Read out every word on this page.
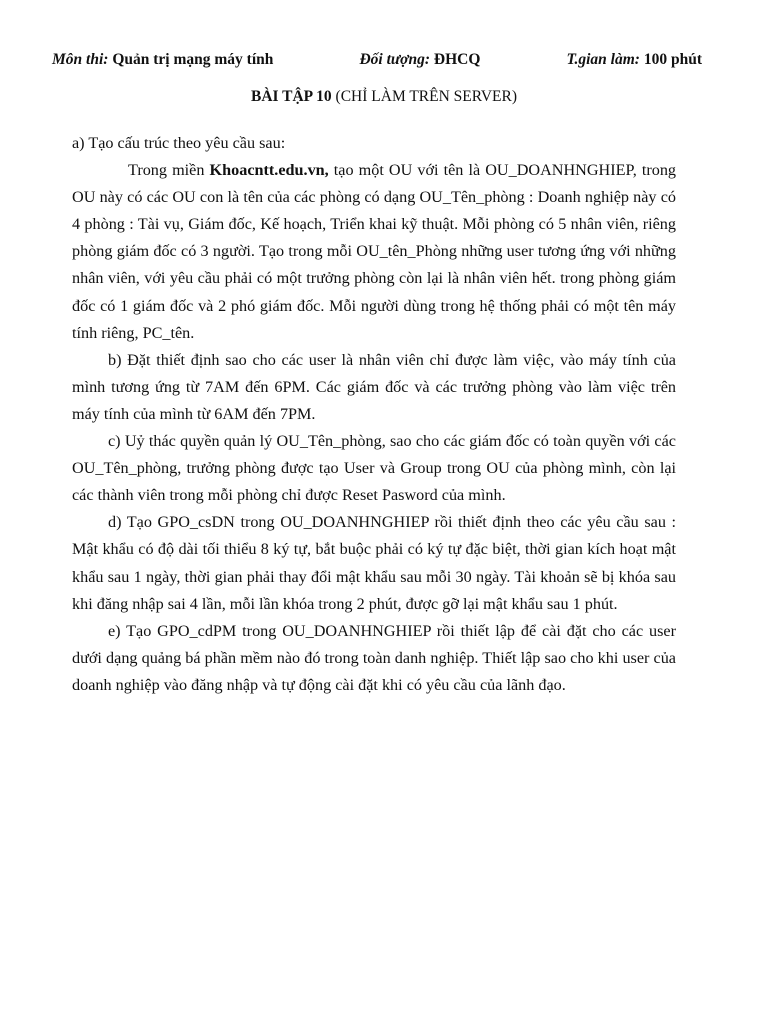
Môn thi: Quản trị mạng máy tính	Đối tượng: ĐHCQ	T.gian làm: 100 phút
BÀI TẬP 10 (CHỈ LÀM TRÊN SERVER)

a) Tạo cấu trúc theo yêu cầu sau:

Trong miền Khoacntt.edu.vn, tạo một OU với tên là OU_DOANHNGHIEP, trong OU này có các OU con là tên của các phòng có dạng OU_Tên_phòng : Doanh nghiệp này có 4 phòng : Tài vụ, Giám đốc, Kế hoạch, Triển khai kỹ thuật. Mỗi phòng có 5 nhân viên, riêng phòng giám đốc có 3 người. Tạo trong mỗi OU_tên_Phòng những user tương ứng với những nhân viên, với yêu cầu phải có một trưởng phòng còn lại là nhân viên hết. trong phòng giám đốc có 1 giám đốc và 2 phó giám đốc. Mỗi người dùng trong hệ thống phải có một tên máy tính riêng, PC_tên.

b) Đặt thiết định sao cho các user là nhân viên chỉ được làm việc, vào máy tính của mình tương ứng từ 7AM đến 6PM. Các giám đốc và các trưởng phòng vào làm việc trên máy tính của mình từ 6AM đến 7PM.

c) Uỷ thác quyền quản lý OU_Tên_phòng, sao cho các giám đốc có toàn quyền với các OU_Tên_phòng, trưởng phòng được tạo User và Group trong OU của phòng mình, còn lại các thành viên trong mỗi phòng chỉ được Reset Pasword của mình.

d) Tạo GPO_csDN trong OU_DOANHNGHIEP rồi thiết định theo các yêu cầu sau : Mật khẩu có độ dài tối thiểu 8 ký tự, bắt buộc phải có ký tự đặc biệt, thời gian kích hoạt mật khẩu sau 1 ngày, thời gian phải thay đổi mật khẩu sau mỗi 30 ngày. Tài khoản sẽ bị khóa sau khi đăng nhập sai 4 lần, mỗi lần khóa trong 2 phút, được gỡ lại mật khẩu sau 1 phút.

e) Tạo GPO_cdPM trong OU_DOANHNGHIEP rồi thiết lập để cài đặt cho các user dưới dạng quảng bá phần mềm nào đó trong toàn danh nghiệp. Thiết lập sao cho khi user của doanh nghiệp vào đăng nhập và tự động cài đặt khi có yêu cầu của lãnh đạo.
